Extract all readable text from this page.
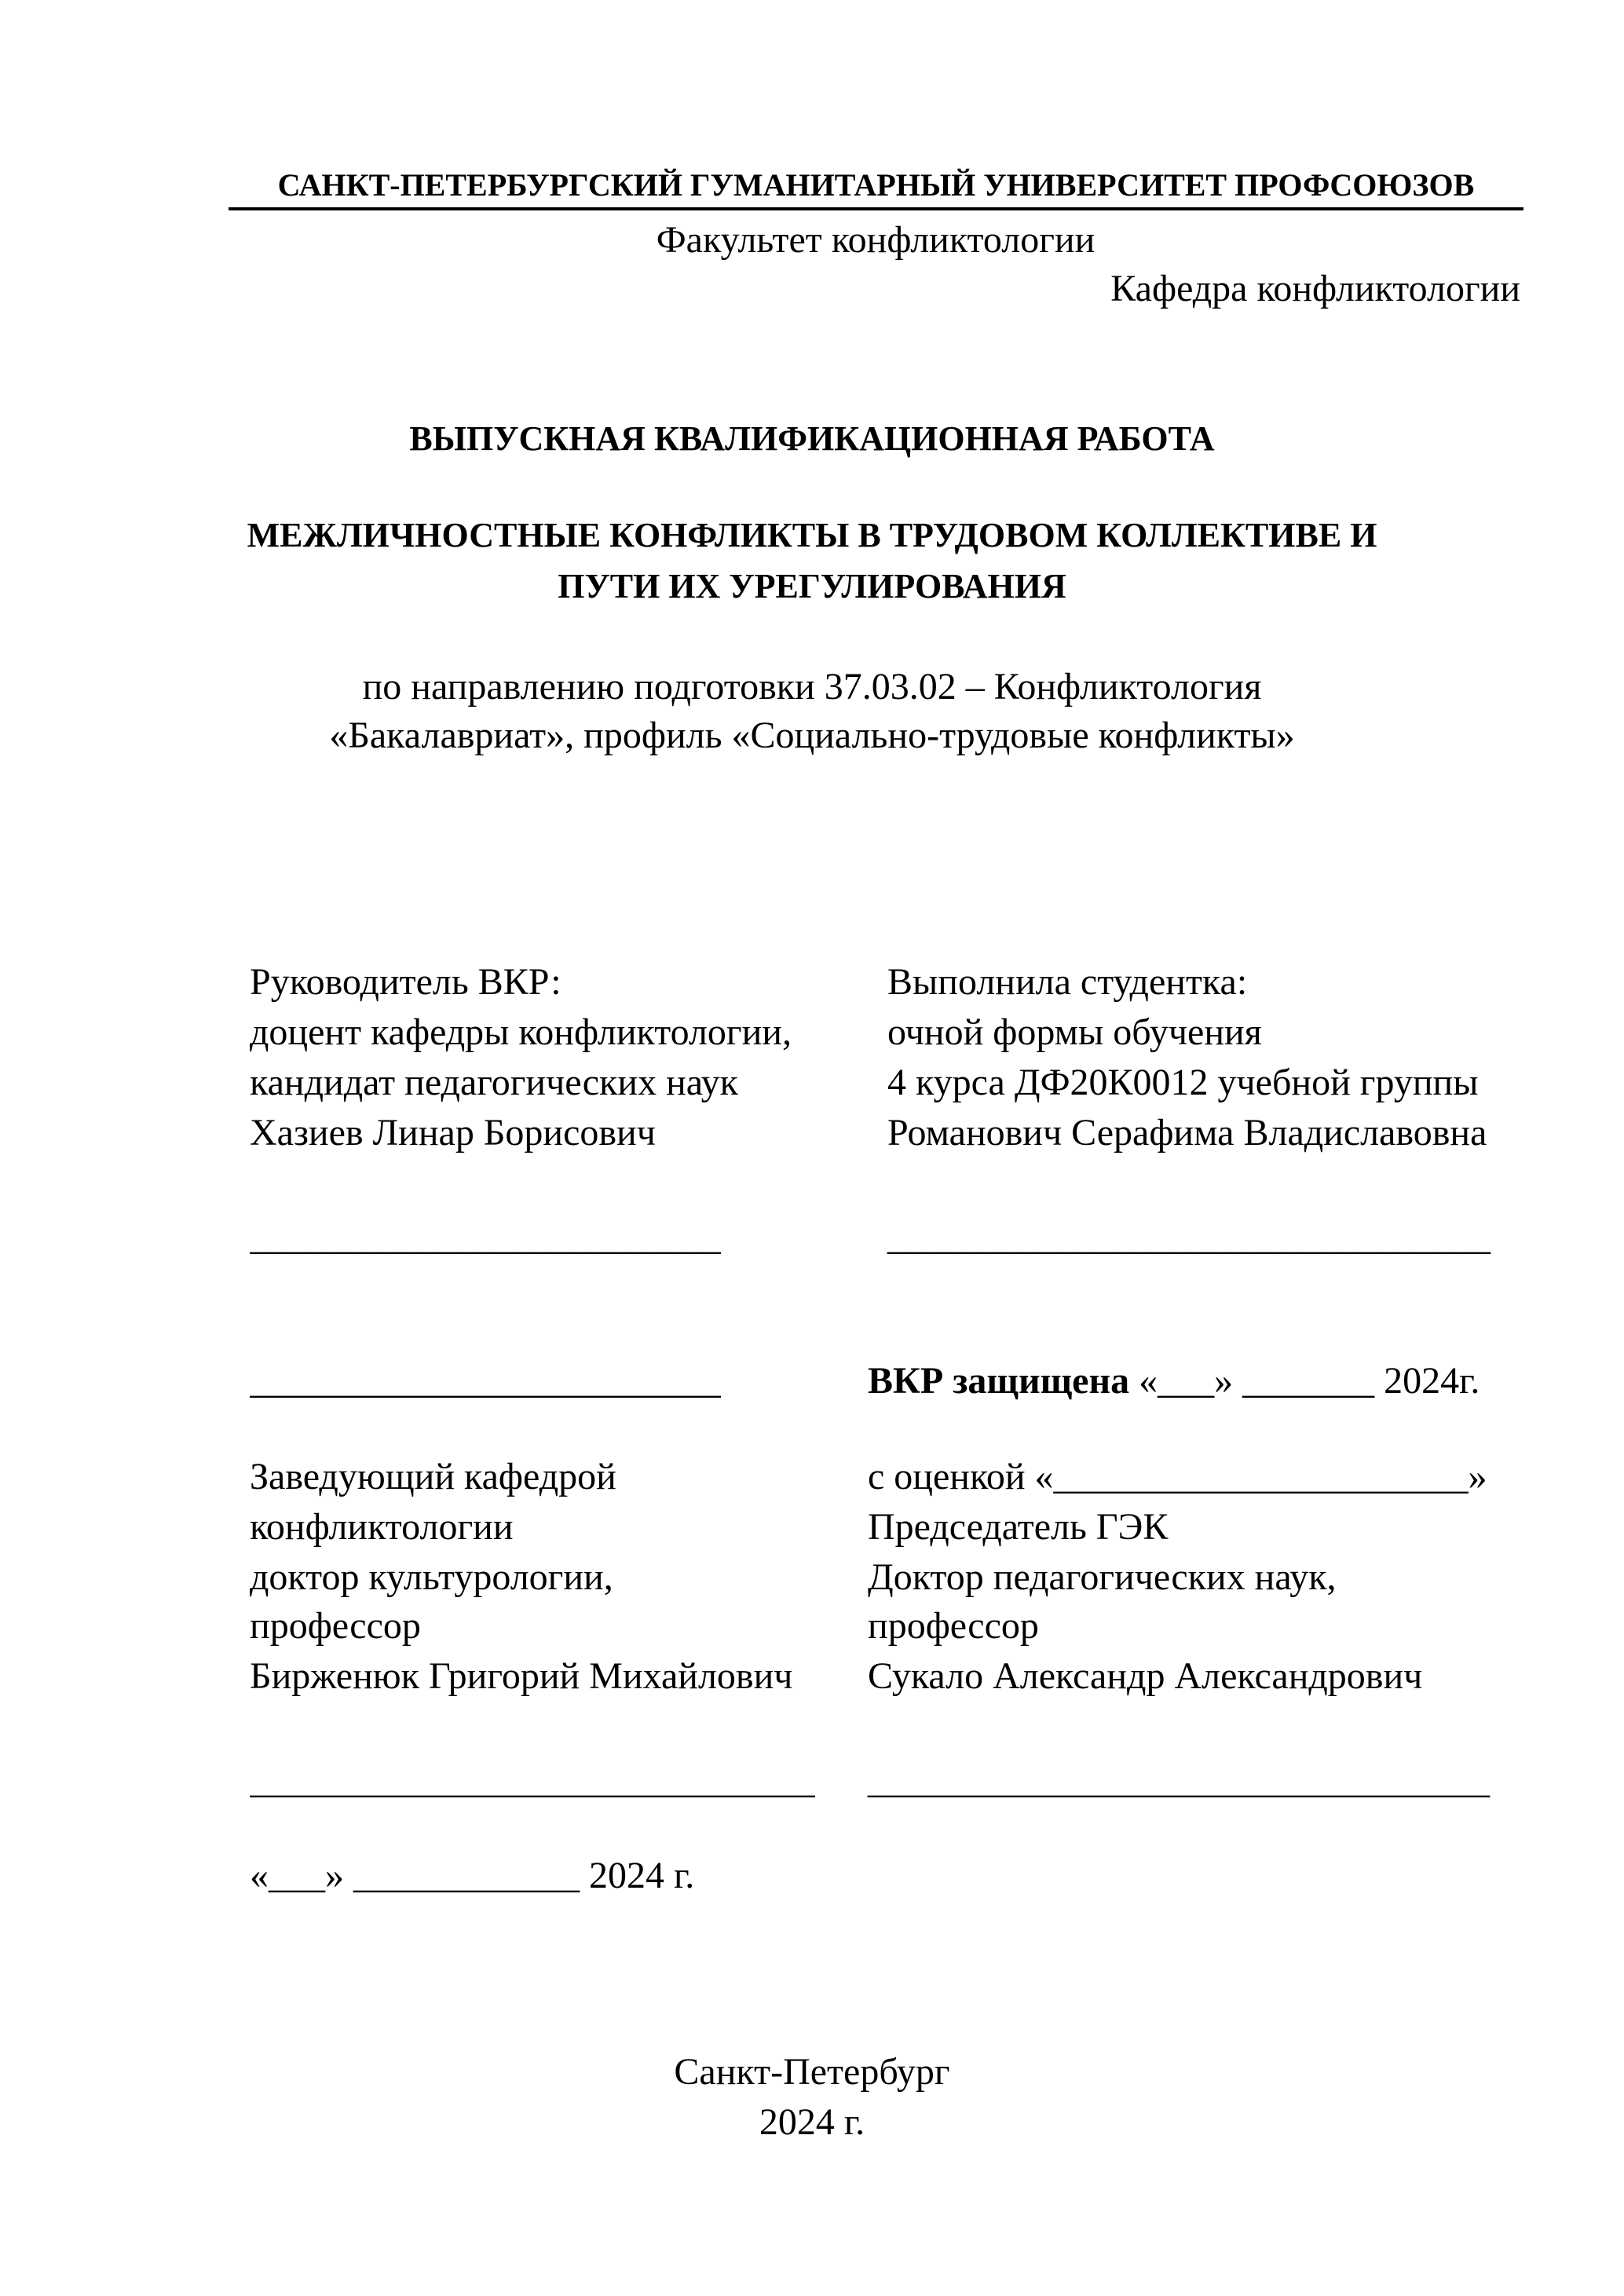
САНКТ-ПЕТЕРБУРГСКИЙ ГУМАНИТАРНЫЙ УНИВЕРСИТЕТ ПРОФСОЮЗОВ
Факультет конфликтологии
Кафедра конфликтологии
ВЫПУСКНАЯ КВАЛИФИКАЦИОННАЯ РАБОТА
МЕЖЛИЧНОСТНЫЕ КОНФЛИКТЫ В ТРУДОВОМ КОЛЛЕКТИВЕ И
ПУТИ ИХ УРЕГУЛИРОВАНИЯ
по направлению подготовки 37.03.02 – Конфликтология
«Бакалавриат», профиль «Социально-трудовые конфликты»
Руководитель ВКР:
доцент кафедры конфликтологии,
кандидат педагогических наук
Хазиев Линар Борисович
Выполнила студентка:
очной формы обучения
4 курса ДФ20К0012 учебной группы
Романович Серафима Владиславовна
_________________________	________________________________
_________________________	ВКР защищена «___» _______ 2024г.
Заведующий кафедрой
конфликтологии
доктор культурологии,
профессор
Бирженюк Григорий Михайлович
с оценкой «______________________»
Председатель ГЭК
Доктор педагогических наук,
профессор
Сукало Александр Александрович
______________________________ _________________________________
«___» ____________ 2024 г.
Санкт-Петербург
2024 г.
